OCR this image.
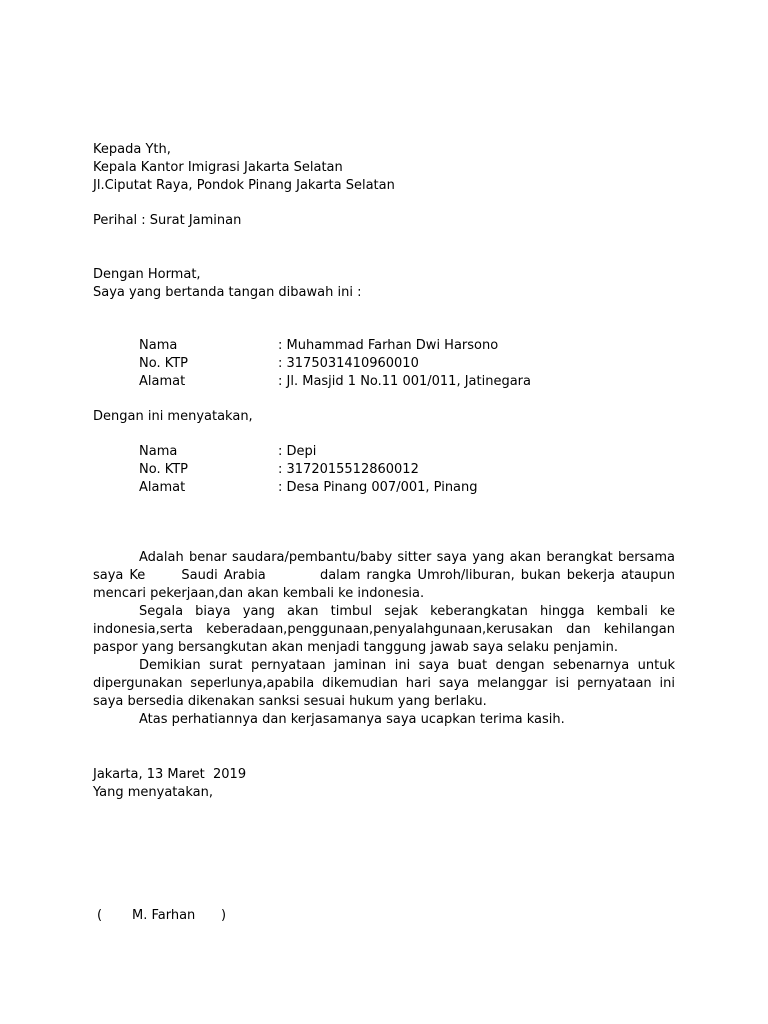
Kepada Yth,
Kepala Kantor Imigrasi Jakarta Selatan
Jl.Ciputat Raya, Pondok Pinang Jakarta Selatan
Perihal : Surat Jaminan
Dengan Hormat,
Saya yang bertanda tangan dibawah ini :
Nama	: Muhammad Farhan Dwi Harsono
No. KTP	: 3175031410960010
Alamat	: Jl. Masjid 1 No.11 001/011, Jatinegara
Dengan ini menyatakan,
Nama	: Depi
No. KTP	: 3172015512860012
Alamat	: Desa Pinang 007/001, Pinang
Adalah benar saudara/pembantu/baby sitter saya yang akan berangkat bersama saya Ke	Saudi Arabia	dalam rangka Umroh/liburan, bukan bekerja ataupun mencari pekerjaan,dan akan kembali ke indonesia.
Segala biaya yang akan timbul sejak keberangkatan hingga kembali ke indonesia,serta keberadaan,penggunaan,penyalahgunaan,kerusakan dan kehilangan paspor yang bersangkutan akan menjadi tanggung jawab saya selaku penjamin.
Demikian surat pernyataan jaminan ini saya buat dengan sebenarnya untuk dipergunakan seperlunya,apabila dikemudian hari saya melanggar isi pernyataan ini saya bersedia dikenakan sanksi sesuai hukum yang berlaku.
Atas perhatiannya dan kerjasamanya saya ucapkan terima kasih.
Jakarta, 13 Maret  2019
Yang menyatakan,
( M. Farhan )
